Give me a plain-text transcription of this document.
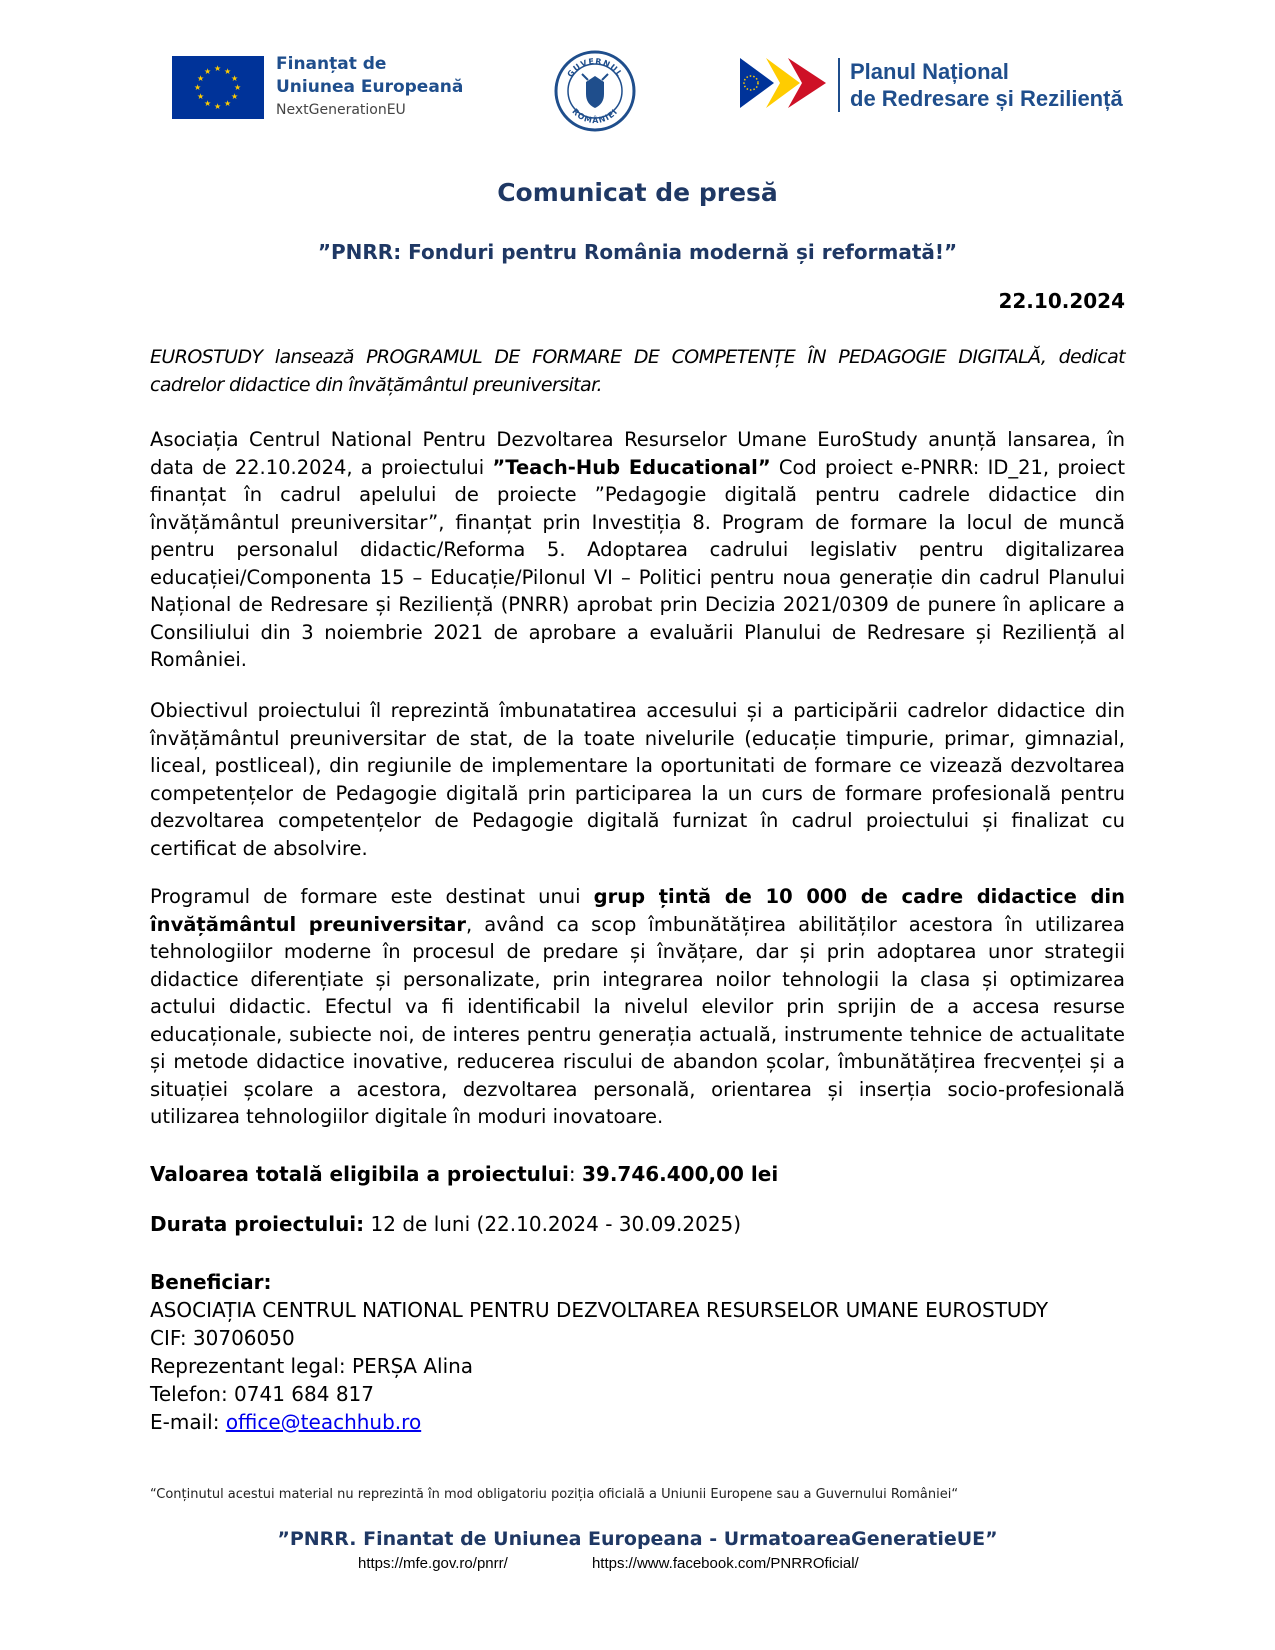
★ ★
★
★
★
★
★
★
★
★
★
★	Finanțat de
Uniunea Europeană
NextGenerationEU
GUVERNUL
ROMÂNIEI
Planul Național
de Redresare și Reziliență
Comunicat de presă
”PNRR: Fonduri pentru România modernă și reformată!”
22.10.2024
EUROSTUDY lansează PROGRAMUL DE FORMARE DE COMPETENȚE ÎN PEDAGOGIE DIGITALĂ, dedicat cadrelor didactice din învățământul preuniversitar.
Asociația Centrul National Pentru Dezvoltarea Resurselor Umane EuroStudy anunță lansarea, în data de 22.10.2024, a proiectului ”Teach-Hub Educational” Cod proiect e-PNRR: ID_21, proiect finanțat în cadrul apelului de proiecte ”Pedagogie digitală pentru cadrele didactice din învățământul preuniversitar”, finanțat prin Investiția 8. Program de formare la locul de muncă pentru personalul didactic/Reforma 5. Adoptarea cadrului legislativ pentru digitalizarea educației/Componenta 15 – Educație/Pilonul VI – Politici pentru noua generație din cadrul Planului Național de Redresare și Reziliență (PNRR) aprobat prin Decizia 2021/0309 de punere în aplicare a Consiliului din 3 noiembrie 2021 de aprobare a evaluării Planului de Redresare și Reziliență al României.
Obiectivul proiectului îl reprezintă îmbunatatirea accesului și a participării cadrelor didactice din învățământul preuniversitar de stat, de la toate nivelurile (educație timpurie, primar, gimnazial, liceal, postliceal), din regiunile de implementare la oportunitati de formare ce vizează dezvoltarea competențelor de Pedagogie digitală prin participarea la un curs de formare profesională pentru dezvoltarea competențelor de Pedagogie digitală furnizat în cadrul proiectului și finalizat cu certificat de absolvire.
Programul de formare este destinat unui grup țintă de 10 000 de cadre didactice din învățământul preuniversitar, având ca scop îmbunătățirea abilităților acestora în utilizarea tehnologiilor moderne în procesul de predare și învățare, dar și prin adoptarea unor strategii didactice diferențiate și personalizate, prin integrarea noilor tehnologii la clasa și optimizarea actului didactic. Efectul va fi identificabil la nivelul elevilor prin sprijin de a accesa resurse educaționale, subiecte noi, de interes pentru generația actuală, instrumente tehnice de actualitate și metode didactice inovative, reducerea riscului de abandon școlar, îmbunătățirea frecvenței și a situației școlare a acestora, dezvoltarea personală, orientarea și inserția socio-profesională utilizarea tehnologiilor digitale în moduri inovatoare.
Valoarea totală eligibila a proiectului: 39.746.400,00 lei
Durata proiectului: 12 de luni (22.10.2024 - 30.09.2025)
Beneficiar:
ASOCIAȚIA CENTRUL NATIONAL PENTRU DEZVOLTAREA RESURSELOR UMANE EUROSTUDY
CIF: 30706050
Reprezentant legal: PERȘA Alina
Telefon: 0741 684 817
E-mail: office@teachhub.ro
“Conținutul acestui material nu reprezintă în mod obligatoriu poziția oficială a Uniunii Europene sau a Guvernului României“
”PNRR. Finantat de Uniunea Europeana - UrmatoareaGeneratieUE”
https://mfe.gov.ro/pnrr/	https://www.facebook.com/PNRROficial/
